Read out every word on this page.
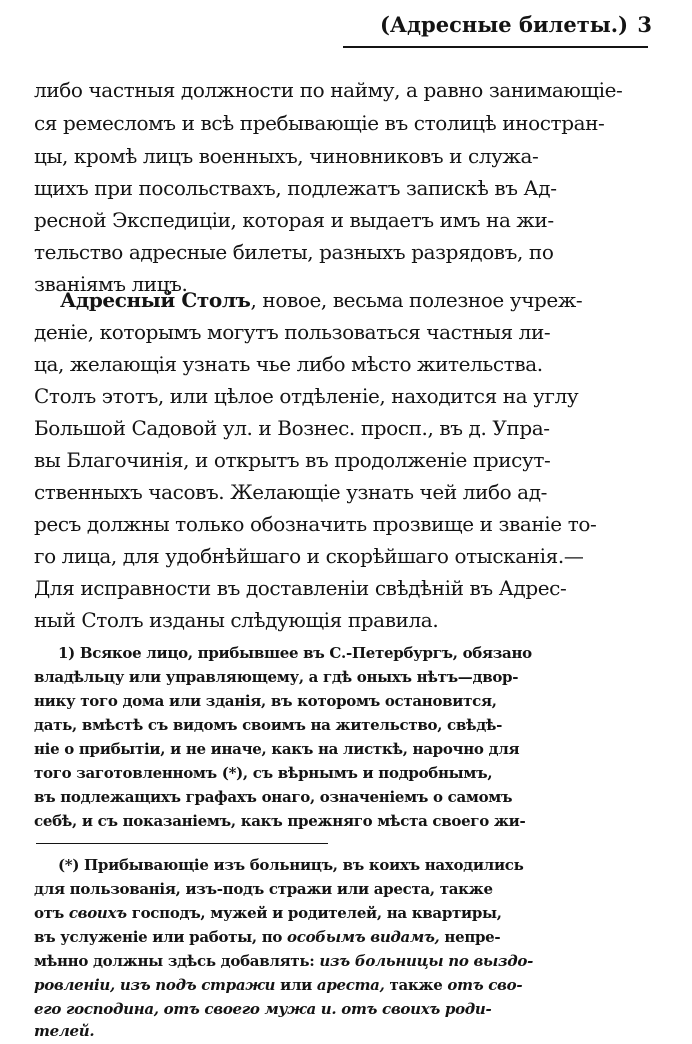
(Адресные билеты.) 3
либо частныя должности по найму, а равно занимающіе-
ся ремесломъ и всѣ пребывающіе въ столицѣ иностран-
цы, кромѣ лицъ военныхъ, чиновниковъ и служа-
щихъ при посольствахъ, подлежатъ запискѣ въ Ад-
ресной Экспедиціи, которая и выдаетъ имъ на жи-
тельство адресные билеты, разныхъ разрядовъ, по
званіямъ лицъ.
Адресный Столъ, новое, весьма полезное учреж-
деніе, которымъ могутъ пользоваться частныя ли-
ца, желающія узнать чье либо мѣсто жительства.
Столъ этотъ, или цѣлое отдѣленіе, находится на углу
Большой Садовой ул. и Вознес. просп., въ д. Упра-
вы Благочинія, и открытъ въ продолженіе присут-
ственныхъ часовъ. Желающіе узнать чей либо ад-
ресъ должны только обозначить прозвище и званіе то-
го лица, для удобнѣйшаго и скорѣйшаго отысканія.—
Для исправности въ доставленіи свѣдѣній въ Адрес-
ный Столъ изданы слѣдующія правила.
1) Всякое лицо, прибывшее въ С.-Петербургъ, обязано
владѣльцу или управляющему, а гдѣ оныхъ нѣтъ—двор-
нику того дома или зданія, въ которомъ остановится,
дать, вмѣстѣ съ видомъ своимъ на жительство, свѣдѣ-
ніе о прибытіи, и не иначе, какъ на листкѣ, нарочно для
того заготовленномъ (*), съ вѣрнымъ и подробнымъ,
въ подлежащихъ графахъ онаго, означеніемъ о самомъ
себѣ, и съ показаніемъ, какъ прежняго мѣста своего жи-
(*) Прибывающіе изъ больницъ, въ коихъ находились
для пользованія, изъ-подъ стражи или ареста, также
отъ своихъ господъ, мужей и родителей, на квартиры,
въ услуженіе или работы, по особымъ видамъ, непре-
мѣнно должны здѣсь добавлять: изъ больницы по выздо-
ровленіи, изъ подъ стражи или ареста, также отъ сво-
его господина, отъ своего мужа и. отъ своихъ роди-
телей.
